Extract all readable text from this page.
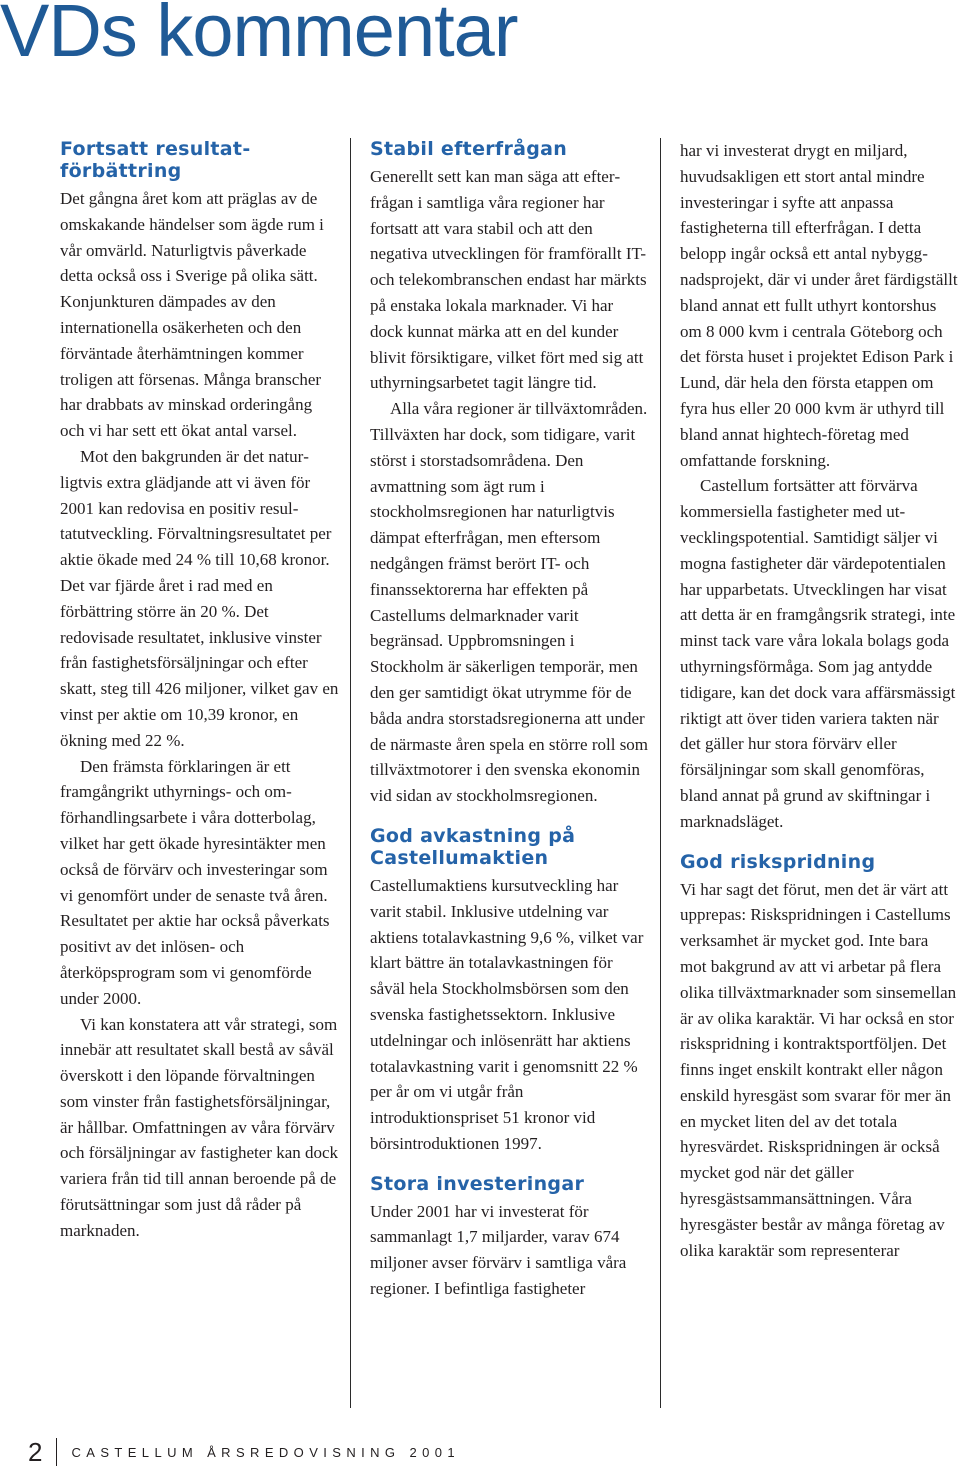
VDs kommentar
Fortsatt resultat-
förbättring

Det gångna året kom att präglas av de omskakande händelser som ägde rum i vår omvärld. Naturligtvis påverkade detta också oss i Sverige på olika sätt. Konjunkturen dämpades av den internationella osäkerheten och den förväntade återhämtningen kommer troligen att försenas. Många branscher har drabbats av minskad orderingång och vi har sett ett ökat antal varsel.

Mot den bakgrunden är det naturligtvis extra glädjande att vi även för 2001 kan redovisa en positiv resultatutveckling. Förvaltningsresultatet per aktie ökade med 24 % till 10,68 kronor. Det var fjärde året i rad med en förbättring större än 20 %. Det redovisade resultatet, inklusive vinster från fastighetsförsäljningar och efter skatt, steg till 426 miljoner, vilket gav en vinst per aktie om 10,39 kronor, en ökning med 22 %.

Den främsta förklaringen är ett framgångrikt uthyrnings- och omförhandlingsarbete i våra dotterbolag, vilket har gett ökade hyresintäkter men också de förvärv och investeringar som vi genomfört under de senaste två åren. Resultatet per aktie har också påverkats positivt av det inlösen- och återköpsprogram som vi genomförde under 2000.

Vi kan konstatera att vår strategi, som innebär att resultatet skall bestå av såväl överskott i den löpande förvaltningen som vinster från fastighetsförsäljningar, är hållbar. Omfattningen av våra förvärv och försäljningar av fastigheter kan dock variera från tid till annan beroende på de förutsättningar som just då råder på marknaden.

Stabil efterfrågan

Generellt sett kan man säga att efterfrågan i samtliga våra regioner har fortsatt att vara stabil och att den negativa utvecklingen för framförallt IT- och telekombranschen endast har märkts på enstaka lokala marknader. Vi har dock kunnat märka att en del kunder blivit försiktigare, vilket fört med sig att uthyrningsarbetet tagit längre tid.

Alla våra regioner är tillväxtområden. Tillväxten har dock, som tidigare, varit störst i storstadsområdena. Den avmattning som ägt rum i stockholmsregionen har naturligtvis dämpat efterfrågan, men eftersom nedgången främst berört IT- och finanssektorerna har effekten på Castellums delmarknader varit begränsad. Uppbromsningen i Stockholm är säkerligen temporär, men den ger samtidigt ökat utrymme för de båda andra storstadsregionerna att under de närmaste åren spela en större roll som tillväxtmotorer i den svenska ekonomin vid sidan av stockholmsregionen.

God avkastning på
Castellumaktien

Castellumaktiens kursutveckling har varit stabil. Inklusive utdelning var aktiens totalavkastning 9,6 %, vilket var klart bättre än totalavkastningen för såväl hela Stockholmsbörsen som den svenska fastighetssektorn. Inklusive utdelningar och inlösenrätt har aktiens totalavkastning varit i genomsnitt 22 % per år om vi utgår från introduktionspriset 51 kronor vid börsintroduktionen 1997.

Stora investeringar

Under 2001 har vi investerat för sammanlagt 1,7 miljarder, varav 674 miljoner avser förvärv i samtliga våra regioner. I befintliga fastigheter

har vi investerat drygt en miljard, huvudsakligen ett stort antal mindre investeringar i syfte att anpassa fastigheterna till efterfrågan. I detta belopp ingår också ett antal nybyggnadsprojekt, där vi under året färdigställt bland annat ett fullt uthyrt kontorshus om 8 000 kvm i centrala Göteborg och det första huset i projektet Edison Park i Lund, där hela den första etappen om fyra hus eller 20 000 kvm är uthyrd till bland annat hightech-företag med omfattande forskning.

Castellum fortsätter att förvärva kommersiella fastigheter med utvecklingspotential. Samtidigt säljer vi mogna fastigheter där värdepotentialen har upparbetats. Utvecklingen har visat att detta är en framgångsrik strategi, inte minst tack vare våra lokala bolags goda uthyrningsförmåga. Som jag antydde tidigare, kan det dock vara affärsmässigt riktigt att över tiden variera takten när det gäller hur stora förvärv eller försäljningar som skall genomföras, bland annat på grund av skiftningar i marknadsläget.

God riskspridning

Vi har sagt det förut, men det är värt att upprepas: Riskspridningen i Castellums verksamhet är mycket god. Inte bara mot bakgrund av att vi arbetar på flera olika tillväxtmarknader som sinsemellan är av olika karaktär. Vi har också en stor riskspridning i kontraktsportföljen. Det finns inget enskilt kontrakt eller någon enskild hyresgäst som svarar för mer än en mycket liten del av det totala hyresvärdet. Riskspridningen är också mycket god när det gäller hyresgästsammansättningen. Våra hyresgäster består av många företag av olika karaktär som representerar

2 CASTELLUM ÅRSREDOVISNING 2001
